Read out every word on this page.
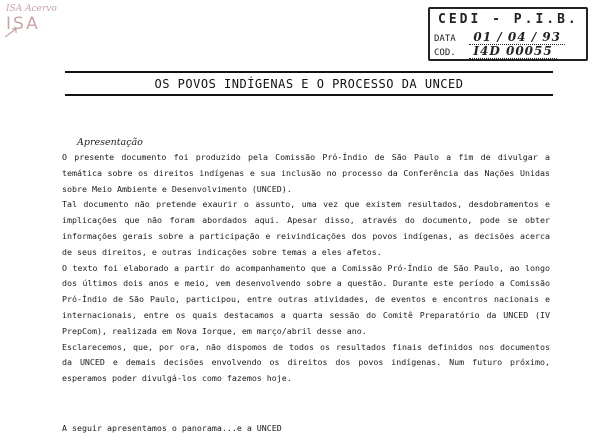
ISA Acervo
ISA	CEDI - P.I.B.
DATA 01 / 04 / 93
COD. I4D 00055
OS POVOS INDÍGENAS E O PROCESSO DA UNCED
Apresentação

O presente documento foi produzido pela Comissão Pró-Índio de São Paulo a fim de divulgar a temática sobre os direitos indígenas e sua inclusão no processo da Conferência das Nações Unidas sobre Meio Ambiente e Desenvolvimento (UNCED).

Tal documento não pretende exaurir o assunto, uma vez que existem resultados, desdobramentos e implicações que não foram abordados aqui. Apesar disso, através do documento, pode se obter informações gerais sobre a participação e reivindicações dos povos indígenas, as decisões acerca de seus direitos, e outras indicações sobre temas a eles afetos.

O texto foi elaborado a partir do acompanhamento que a Comissão Pró-Índio de São Paulo, ao longo dos últimos dois anos e meio, vem desenvolvendo sobre a questão. Durante este período a Comissão Pró-Índio de São Paulo, participou, entre outras atividades, de eventos e encontros nacionais e internacionais, entre os quais destacamos a quarta sessão do Comitê Preparatório da UNCED (IV PrepCom), realizada em Nova Iorque, em março/abril desse ano.

Esclarecemos, que, por ora, não dispomos de todos os resultados finais definidos nos documentos da UNCED e demais decisões envolvendo os direitos dos povos indígenas. Num futuro próximo, esperamos poder divulgá-los como fazemos hoje.

A seguir apresentamos o panorama...e a UNCED
